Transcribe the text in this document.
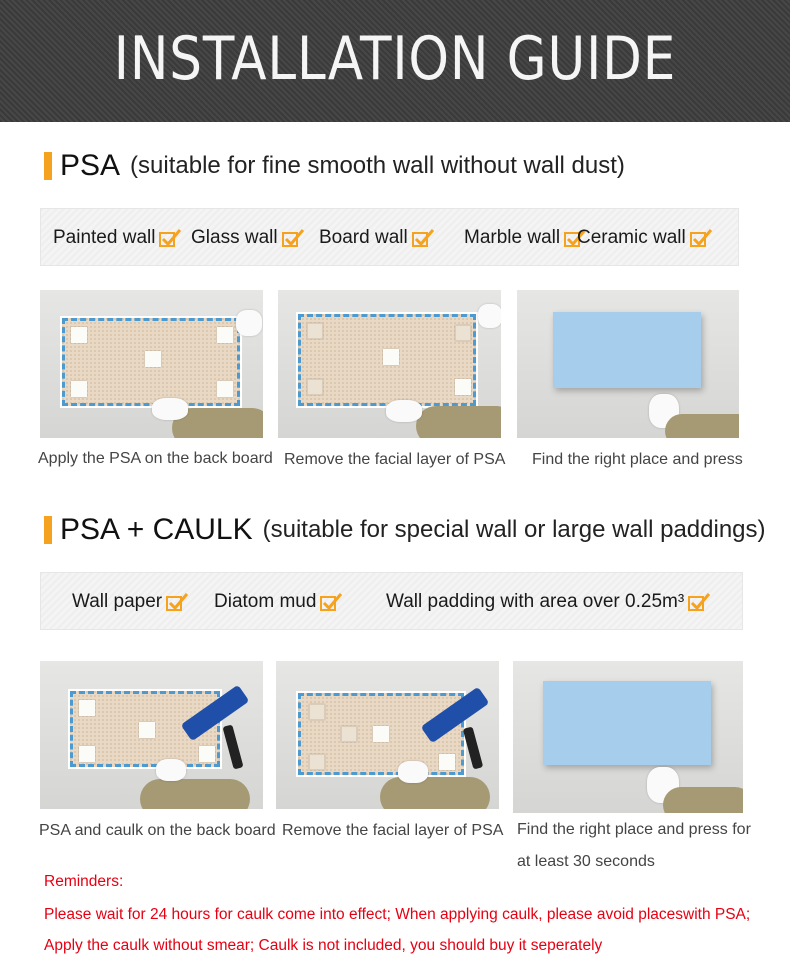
INSTALLATION GUIDE
PSA (suitable for fine smooth wall without wall dust)
Painted wall Glass wall Board wall	Marble wall Ceramic wall
Apply the PSA on the back board Remove the facial layer of PSA Find the right place and press
PSA + CAULK (suitable for special wall or large wall paddings)
Wall paper	Diatom mud	Wall padding with area over 0.25m³
PSA and caulk on the back board Remove the facial layer of PSA Find the right place and press for at least 30 seconds
Reminders:
Please wait for 24 hours for caulk come into effect; When applying caulk, please avoid placeswith PSA;
Apply the caulk without smear; Caulk is not included, you should buy it seperately
